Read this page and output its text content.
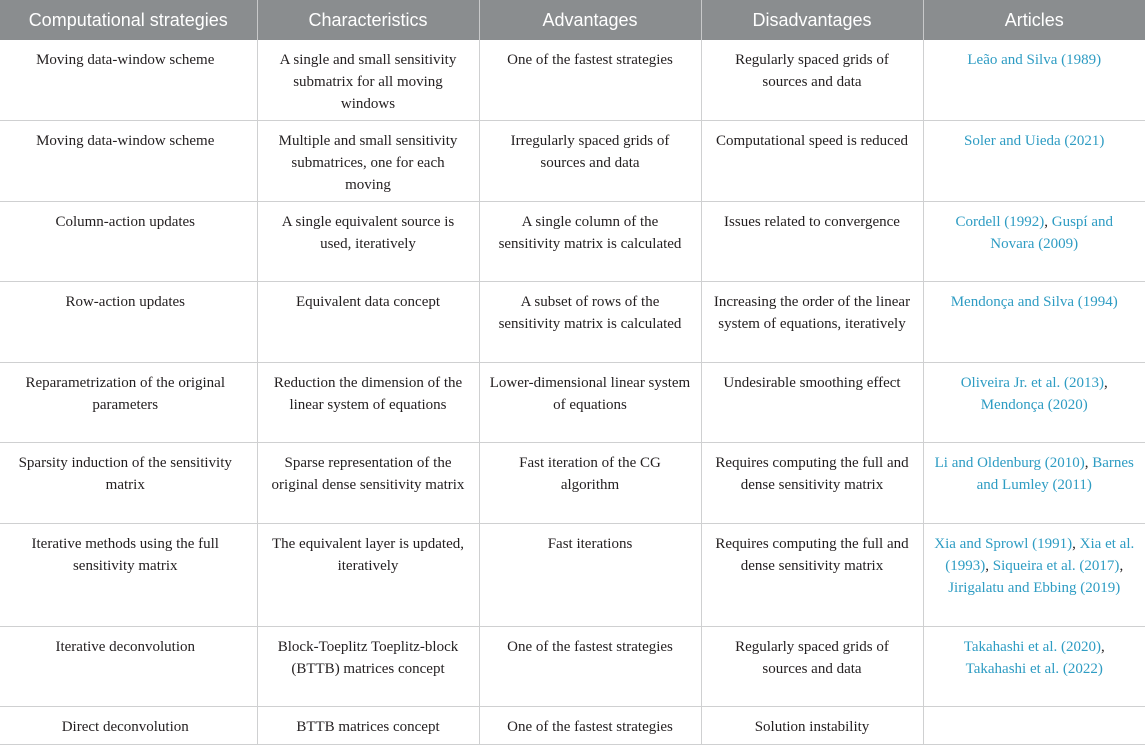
Computational strategies	Characteristics	Advantages	Disadvantages	Articles
Moving data-window scheme	A single and small sensitivity submatrix for all moving windows	One of the fastest strategies	Regularly spaced grids of sources and data	Leão and Silva (1989)
Moving data-window scheme	Multiple and small sensitivity submatrices, one for each moving	Irregularly spaced grids of sources and data	Computational speed is reduced	Soler and Uieda (2021)
Column-action updates	A single equivalent source is used, iteratively	A single column of the sensitivity matrix is calculated	Issues related to convergence	Cordell (1992), Guspí and Novara (2009)
Row-action updates	Equivalent data concept	A subset of rows of the sensitivity matrix is calculated	Increasing the order of the linear system of equations, iteratively	Mendonça and Silva (1994)
Reparametrization of the original parameters	Reduction the dimension of the linear system of equations	Lower-dimensional linear system of equations	Undesirable smoothing effect	Oliveira Jr. et al. (2013), Mendonça (2020)
Sparsity induction of the sensitivity matrix	Sparse representation of the original dense sensitivity matrix	Fast iteration of the CG algorithm	Requires computing the full and dense sensitivity matrix	Li and Oldenburg (2010), Barnes and Lumley (2011)
Iterative methods using the full sensitivity matrix	The equivalent layer is updated, iteratively	Fast iterations	Requires computing the full and dense sensitivity matrix	Xia and Sprowl (1991), Xia et al. (1993), Siqueira et al. (2017), Jirigalatu and Ebbing (2019)
Iterative deconvolution	Block-Toeplitz Toeplitz-block (BTTB) matrices concept	One of the fastest strategies	Regularly spaced grids of sources and data	Takahashi et al. (2020), Takahashi et al. (2022)
Direct deconvolution	BTTB matrices concept	One of the fastest strategies	Solution instability	
